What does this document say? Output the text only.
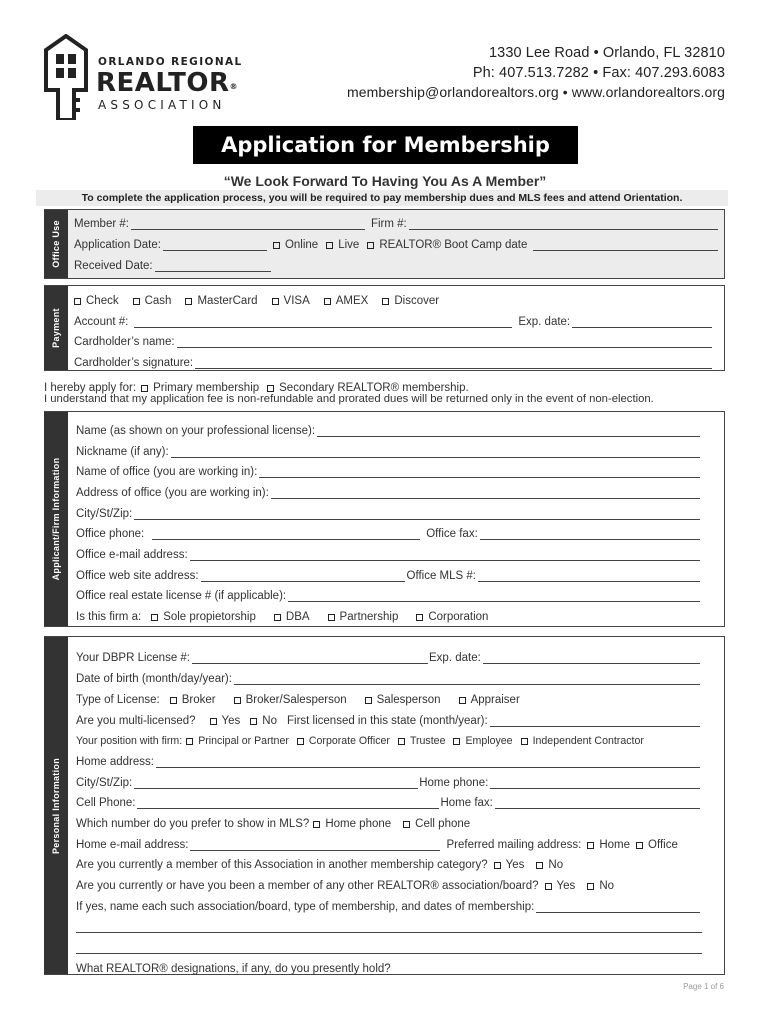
ORLANDO REGIONAL
REALTOR®
ASSOCIATION
1330 Lee Road • Orlando, FL 32810
Ph: 407.513.7282 • Fax: 407.293.6083
membership@orlandorealtors.org • www.orlandorealtors.org
Application for Membership
“We Look Forward To Having You As A Member”
To complete the application process, you will be required to pay membership dues and MLS fees and attend Orientation.
Office Use Member #:	Firm #:
Application Date:	Online Live REALTOR® Boot Camp date
Received Date:
Payment
Check Cash MasterCard VISA AMEX Discover
Account #:	Exp. date:
Cardholder’s name:
Cardholder’s signature:
I hereby apply for: Primary membership Secondary REALTOR® membership.
I understand that my application fee is non-refundable and prorated dues will be returned only in the event of non-election.
Applicant/Firm Information
Name (as shown on your professional license):
Nickname (if any):
Name of office (you are working in):
Address of office (you are working in):
City/St/Zip:
Office phone:	Office fax:
Office e-mail address:
Office web site address:	Office MLS #:
Office real estate license # (if applicable):
Is this firm a: Sole propietorship	DBA	Partnership	Corporation
Personal Information
Your DBPR License #:	Exp. date:
Date of birth (month/day/year):
Type of License: Broker	Broker/Salesperson	Salesperson	Appraiser
Are you multi-licensed? Yes No First licensed in this state (month/year):
Your position with firm: Principal or Partner Corporate Officer Trustee Employee Independent Contractor
Home address:
City/St/Zip:	Home phone:
Cell Phone:	Home fax:
Which number do you prefer to show in MLS? Home phone Cell phone
Home e-mail address:	Preferred mailing address: Home Office
Are you currently a member of this Association in another membership category? Yes No
Are you currently or have you been a member of any other REALTOR® association/board? Yes No
If yes, name each such association/board, type of membership, and dates of membership:
What REALTOR® designations, if any, do you presently hold?
Page 1 of 6
